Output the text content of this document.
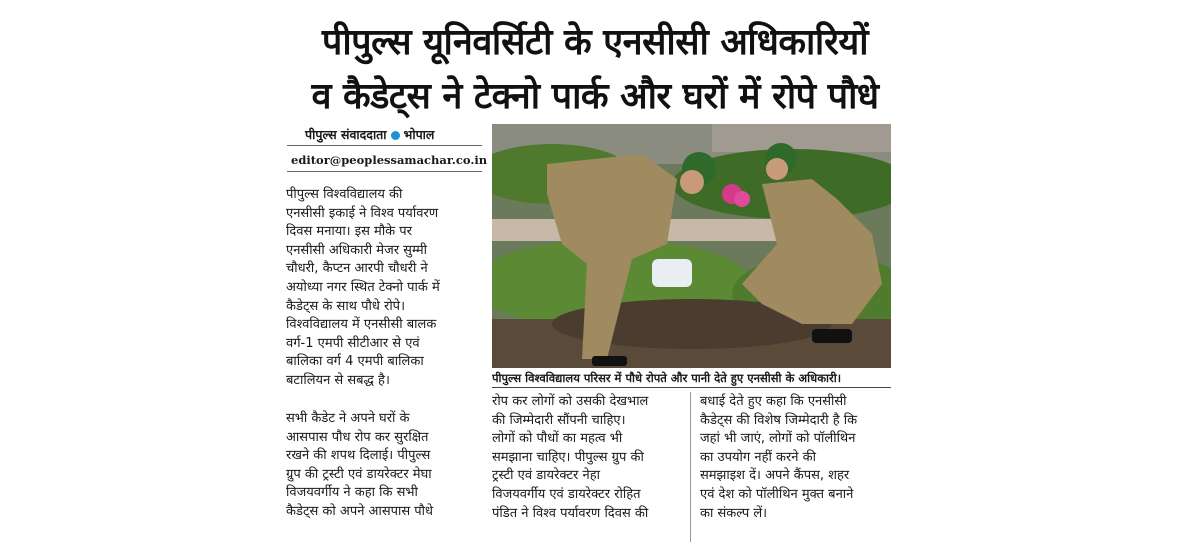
पीपुल्स यूनिवर्सिटी के एनसीसी अधिकारियों
व कैडेट्स ने टेक्नो पार्क और घरों में रोपे पौधे
पीपुल्स संवाददाता भोपाल
editor@peoplessamachar.co.in
पीपुल्स विश्वविद्यालय की
एनसीसी इकाई ने विश्व पर्यावरण
दिवस मनाया। इस मौके पर
एनसीसी अधिकारी मेजर सुम्मी
चौधरी, कैप्टन आरपी चौधरी ने
अयोध्या नगर स्थित टेक्नो पार्क में
कैडेट्स के साथ पौधे रोपे।
विश्वविद्यालय में एनसीसी बालक
वर्ग-1 एमपी सीटीआर से एवं
बालिका वर्ग 4 एमपी बालिका
बटालियन से सबद्ध है।
सभी कैडेट ने अपने घरों के
आसपास पौध रोप कर सुरक्षित
रखने की शपथ दिलाई। पीपुल्स
ग्रुप की ट्रस्टी एवं डायरेक्टर मेघा
विजयवर्गीय ने कहा कि सभी
कैडेट्स को अपने आसपास पौधे
पीपुल्स विश्वविद्यालय परिसर में पौधे रोपते और पानी देते हुए एनसीसी के अधिकारी।
रोप कर लोगों को उसकी देखभाल
की जिम्मेदारी सौंपनी चाहिए।
लोगों को पौधों का महत्व भी
समझाना चाहिए। पीपुल्स ग्रुप की
ट्रस्टी एवं डायरेक्टर नेहा
विजयवर्गीय एवं डायरेक्टर रोहित
पंडित ने विश्व पर्यावरण दिवस की
बधाई देते हुए कहा कि एनसीसी
कैडेट्स की विशेष जिम्मेदारी है कि
जहां भी जाएं, लोगों को पॉलीथिन
का उपयोग नहीं करने की
समझाइश दें। अपने कैंपस, शहर
एवं देश को पॉलीथिन मुक्त बनाने
का संकल्प लें।
